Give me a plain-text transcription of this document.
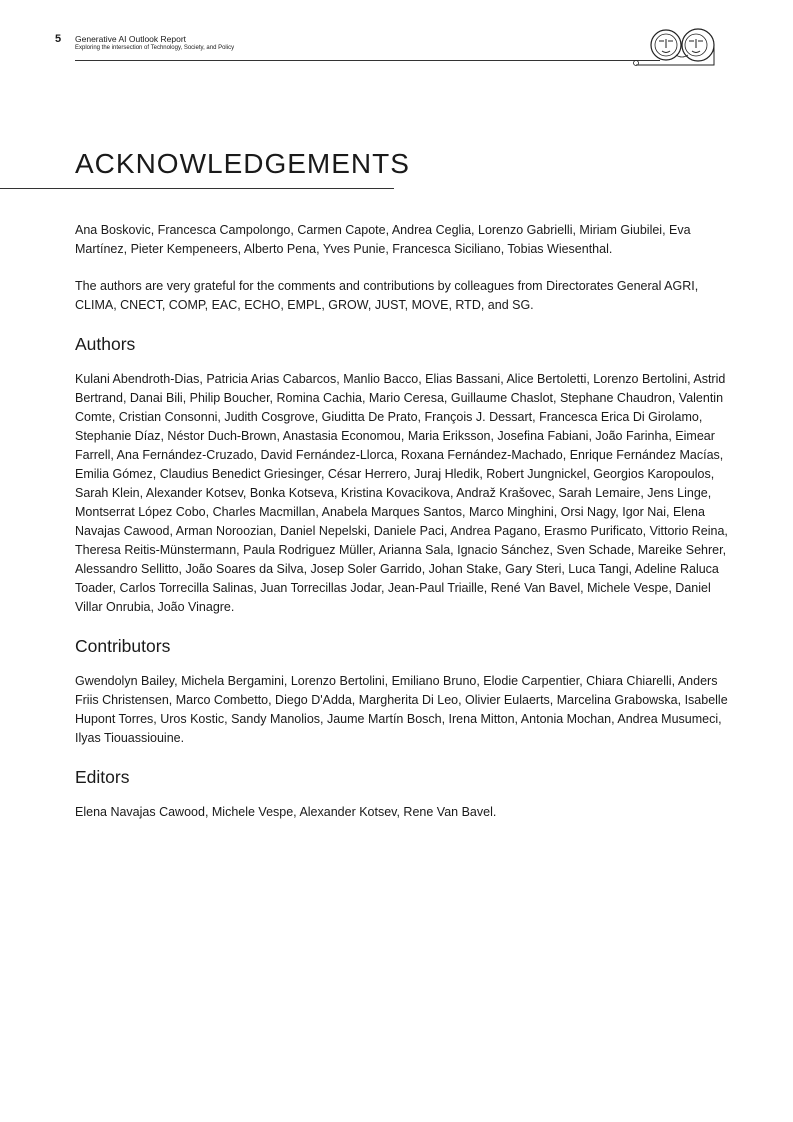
5 Generative AI Outlook Report
Exploring the intersection of Technology, Society, and Policy
ACKNOWLEDGEMENTS

Ana Boskovic, Francesca Campolongo, Carmen Capote, Andrea Ceglia, Lorenzo Gabrielli, Miriam Giubilei, Eva Martínez, Pieter Kempeneers, Alberto Pena, Yves Punie, Francesca Siciliano, Tobias Wiesenthal.

The authors are very grateful for the comments and contributions by colleagues from Directorates General AGRI, CLIMA, CNECT, COMP, EAC, ECHO, EMPL, GROW, JUST, MOVE, RTD, and SG.

Authors

Kulani Abendroth-Dias, Patricia Arias Cabarcos, Manlio Bacco, Elias Bassani, Alice Bertoletti, Lorenzo Bertolini, Astrid Bertrand, Danai Bili, Philip Boucher, Romina Cachia, Mario Ceresa, Guillaume Chaslot, Stephane Chaudron, Valentin Comte, Cristian Consonni, Judith Cosgrove, Giuditta De Prato, François J. Dessart, Francesca Erica Di Girolamo, Stephanie Díaz, Néstor Duch-Brown, Anastasia Economou, Maria Eriksson, Josefina Fabiani, João Farinha, Eimear Farrell, Ana Fernández-Cruzado, David Fernández-Llorca, Roxana Fernández-Machado, Enrique Fernández Macías, Emilia Gómez, Claudius Benedict Griesinger, César Herrero, Juraj Hledik, Robert Jungnickel, Georgios Karopoulos, Sarah Klein, Alexander Kotsev, Bonka Kotseva, Kristina Kovacikova, Andraž Krašovec, Sarah Lemaire, Jens Linge, Montserrat López Cobo, Charles Macmillan, Anabela Marques Santos, Marco Minghini, Orsi Nagy, Igor Nai, Elena Navajas Cawood, Arman Noroozian, Daniel Nepelski, Daniele Paci, Andrea Pagano, Erasmo Purificato, Vittorio Reina, Theresa Reitis-Münstermann, Paula Rodriguez Müller, Arianna Sala, Ignacio Sánchez, Sven Schade, Mareike Sehrer, Alessandro Sellitto, João Soares da Silva, Josep Soler Garrido, Johan Stake, Gary Steri, Luca Tangi, Adeline Raluca Toader, Carlos Torrecilla Salinas, Juan Torrecillas Jodar, Jean-Paul Triaille, René Van Bavel, Michele Vespe, Daniel Villar Onrubia, João Vinagre.

Contributors

Gwendolyn Bailey, Michela Bergamini, Lorenzo Bertolini, Emiliano Bruno, Elodie Carpentier, Chiara Chiarelli, Anders Friis Christensen, Marco Combetto, Diego D'Adda, Margherita Di Leo, Olivier Eulaerts, Marcelina Grabowska, Isabelle Hupont Torres, Uros Kostic, Sandy Manolios, Jaume Martín Bosch, Irena Mitton, Antonia Mochan, Andrea Musumeci, Ilyas Tiouassiouine.

Editors

Elena Navajas Cawood, Michele Vespe, Alexander Kotsev, Rene Van Bavel.
